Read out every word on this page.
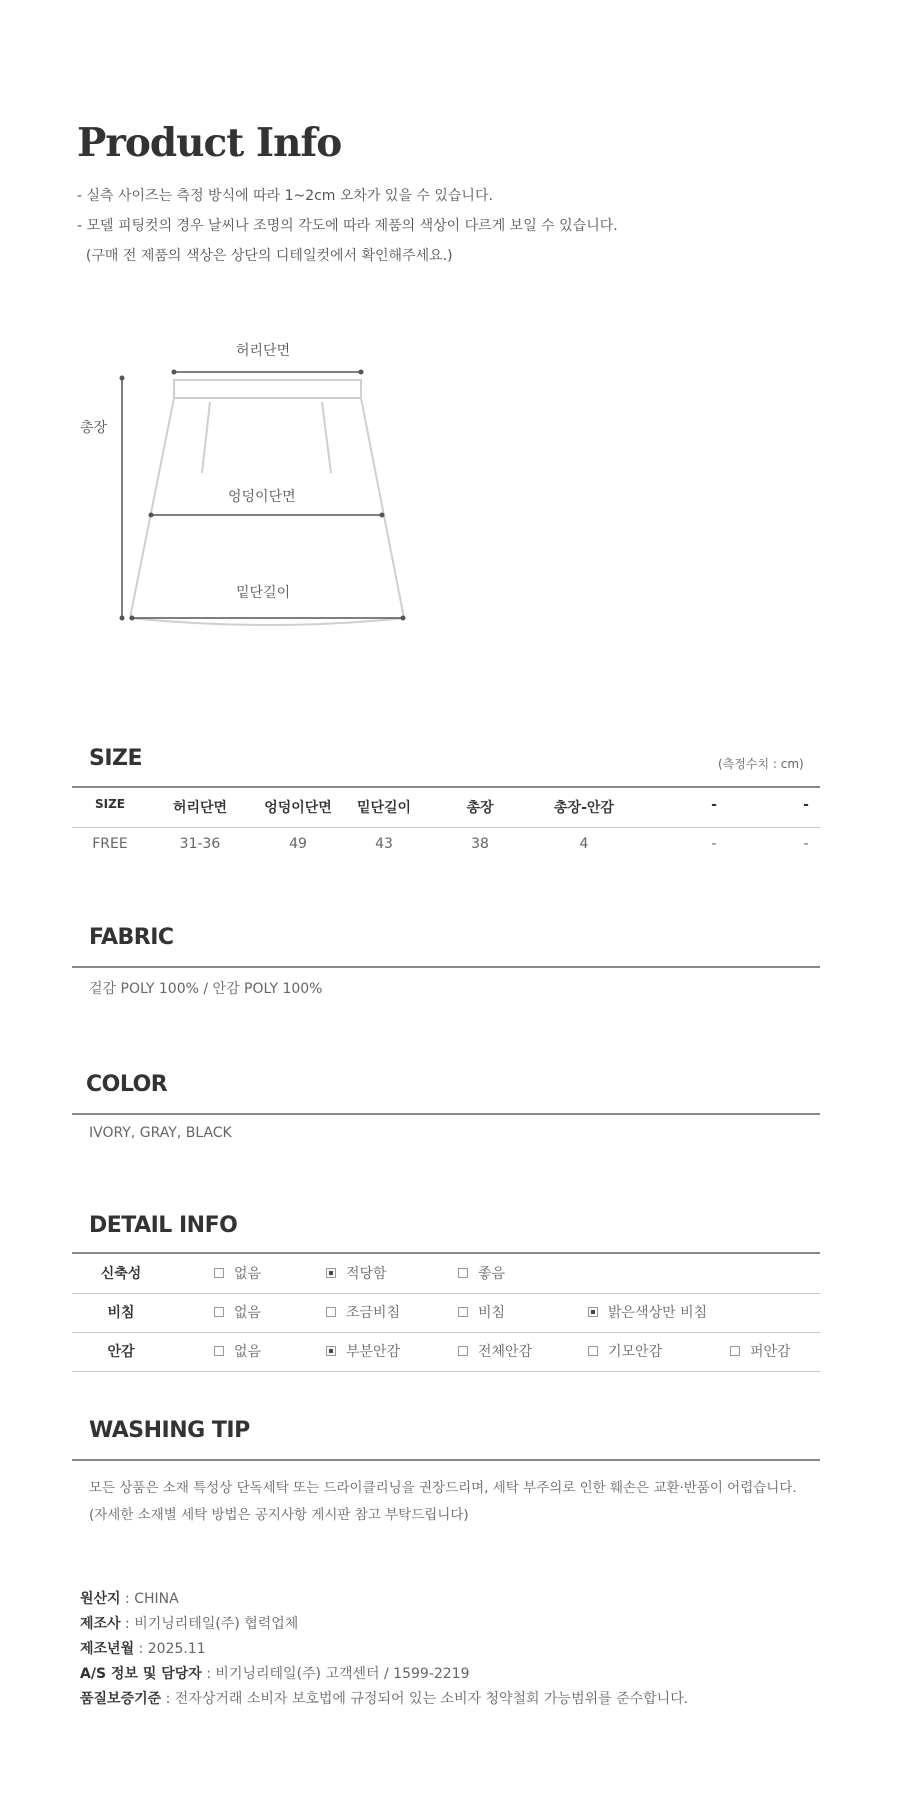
Product Info
- 실측 사이즈는 측정 방식에 따라 1~2cm 오차가 있을 수 있습니다.
- 모델 피팅컷의 경우 날씨나 조명의 각도에 따라 제품의 색상이 다르게 보일 수 있습니다.
(구매 전 제품의 색상은 상단의 디테일컷에서 확인해주세요.)
허리단면
총장
엉덩이단면
밑단길이
SIZE	(측정수치 : cm)
SIZE	허리단면	엉덩이단면	밑단길이	총장	총장-안감	-	-
FREE	31-36	49	43	38	4	-	-
FABRIC
겉감 POLY 100% / 안감 POLY 100%
COLOR
IVORY, GRAY, BLACK
DETAIL INFO
신축성	없음	적당함	좋음
비침	없음	조금비침	비침	밝은색상만 비침
안감	없음	부분안감	전체안감	기모안감	퍼안감
WASHING TIP
모든 상품은 소재 특성상 단독세탁 또는 드라이클리닝을 권장드리며, 세탁 부주의로 인한 훼손은 교환·반품이 어렵습니다.
(자세한 소재별 세탁 방법은 공지사항 게시판 참고 부탁드립니다)
원산지 : CHINA
제조사 : 비기닝리테일(주) 협력업체
제조년월 : 2025.11
A/S 정보 및 담당자 : 비기닝리테일(주) 고객센터 / 1599-2219
품질보증기준 : 전자상거래 소비자 보호법에 규정되어 있는 소비자 청약철회 가능범위를 준수합니다.
